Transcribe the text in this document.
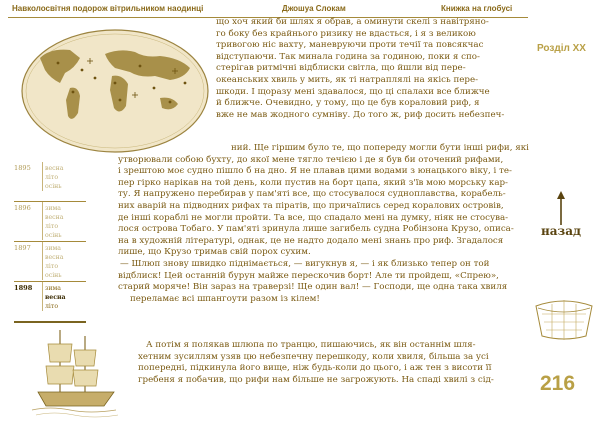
Навколосвітня подорож вітрильником наодинці	Джошуа Слокам	Книжка на глобусі
Розділ XX
назад
216
1895	весна
літо
осінь
1896	зима
весна
літо
осінь
1897	зима
весна
літо
осінь
1898	зима
весна
літо
що хоч який би шлях я обрав, а оминути скелі з навітряно-
го боку без крайнього ризику не вдасться, і я з великою
тривогою ніс вахту, маневруючи проти течії та повсякчас
відступаючи. Так минала година за годиною, поки я спо-
стерігав ритмічні відблиски світла, що йшли від пере-
океанських хвиль у мить, як ті натраплялі на якісь пере-
шкоди. І щоразу мені здавалося, що ці спалахи все ближче
й ближче. Очевидно, у тому, що це був кораловий риф, я
вже не мав жодного сумніву. До того ж, риф досить небезпеч-
ний. Ще гіршим було те, що попереду могли бути інші рифи, які
утворювали собою бухту, до якої мене тягло течією і де я був би оточений рифами,
і зрештою моє судно пішло б на дно. Я не плавав цими водами з юнацького віку, і те-
пер гірко нарікав на той день, коли пустив на борт цапа, який з'їв мою морську кар-
ту. Я напружено перебирав у пам'яті все, що стосувалося судноплавства, корабель-
них аварій на підводних рифах та піратів, що причаїлись серед коралових островів,
де інші кораблі не могли пройти. Та все, що спадало мені на думку, ніяк не стосува-
лося острова Тобаго. У пам'яті зринула лише загибель судна Робінзона Крузо, описа-
на в художній літературі, однак, це не надто додало мені знань про риф. Згадалося
лише, що Крузо тримав свій порох сухим.
— Шлюп знову швидко піднімається, — вигукнув я, — і як близько тепер он той
відблиск! Цей останній бурун майже перескочив борт! Але ти пройдеш, «Спрею»,
старий моряче! Він зараз на траверзі! Ще один вал! — Господи, ще одна така хвиля
переламає всі шпангоути разом із кілем!
А потім я полякав шлюпа по транцю, пишаючись, як він останнім шля-
хетним зусиллям узяв цю небезпечну перешкоду, коли хвиля, більша за усі
попередні, підкинула його вище, ніж будь-коли до цього, і аж тен з висоти її
гребеня я побачив, що рифи нам більше не загрожують. На спаді хвилі з сід-
